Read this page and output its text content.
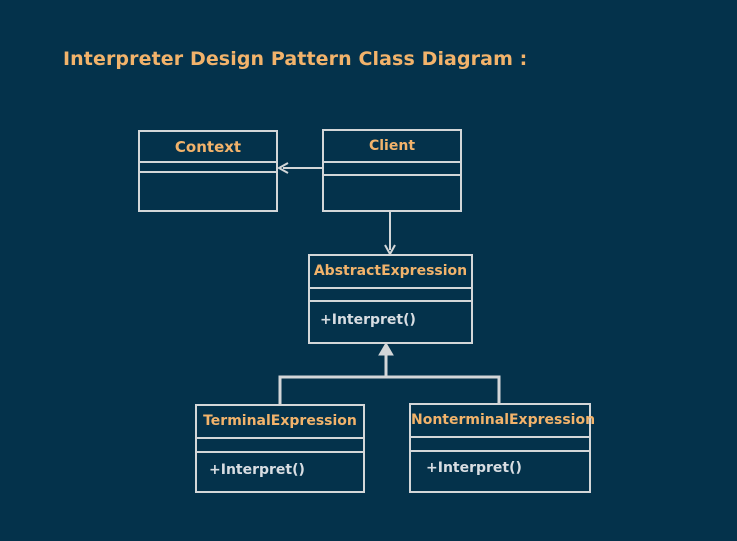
Interpreter Design Pattern Class Diagram :
Context	Client
AbstractExpression
+Interpret()
TerminalExpression
+Interpret()
NonterminalExpression
+Interpret()
